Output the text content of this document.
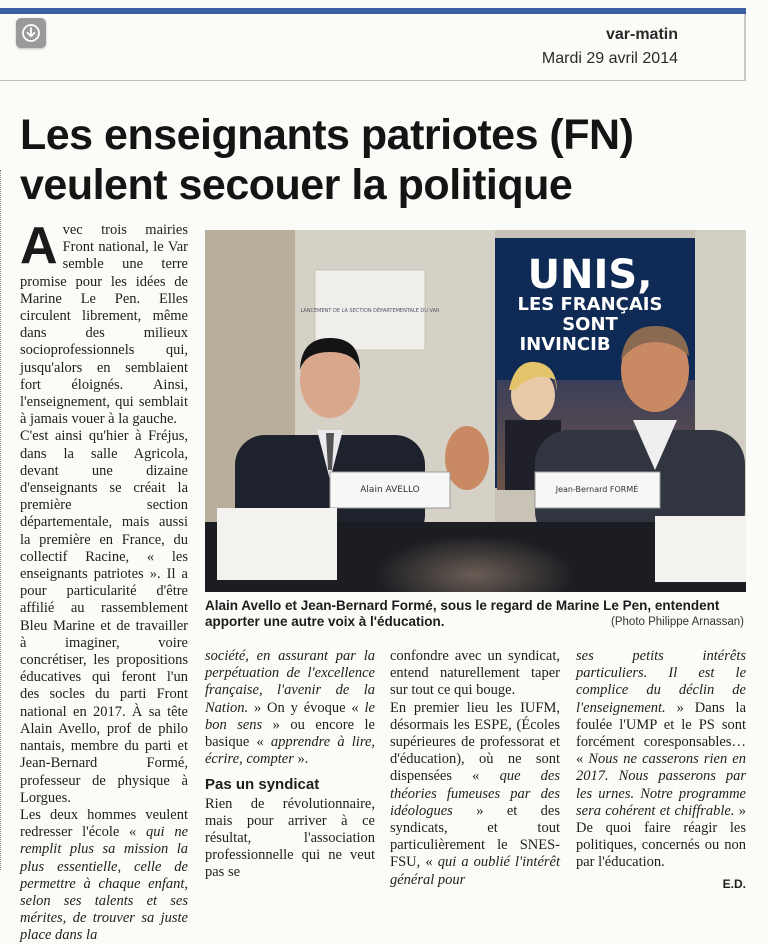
var-matin
Mardi 29 avril 2014
Les enseignants patriotes (FN) veulent secouer la politique

Avec trois mairies Front national, le Var semble une terre promise pour les idées de Marine Le Pen. Elles circulent librement, même dans des milieux socioprofessionnels qui, jusqu'alors en semblaient fort éloignés. Ainsi, l'enseignement, qui semblait à jamais vouer à la gauche.

C'est ainsi qu'hier à Fréjus, dans la salle Agricola, devant une dizaine d'enseignants se créait la première section départementale, mais aussi la première en France, du collectif Racine, « les enseignants patriotes ». Il a pour particularité d'être affilié au rassemblement Bleu Marine et de travailler à imaginer, voire concrétiser, les propositions éducatives qui feront l'un des socles du parti Front national en 2017. À sa tête Alain Avello, prof de philo nantais, membre du parti et Jean-Bernard Formé, professeur de physique à Lorgues.

Les deux hommes veulent redresser l'école « qui ne remplit plus sa mission la plus essentielle, celle de permettre à chaque enfant, selon ses talents et ses mérites, de trouver sa juste place dans la

LANCEMENT DE LA SECTION DÉPARTEMENTALE DU VAR
UNIS,
LES FRANÇAIS
SONT
INVINCIB
Alain AVELLO	Jean-Bernard FORMÉ

Alain Avello et Jean-Bernard Formé, sous le regard de Marine Le Pen, entendent apporter une autre voix à l'éducation.	(Photo Philippe Arnassan)

société, en assurant par la perpétuation de l'excellence française, l'avenir de la Nation. » On y évoque « le bon sens » ou encore le basique « apprendre à lire, écrire, compter ».

Pas un syndicat

Rien de révolutionnaire, mais pour arriver à ce résultat, l'association professionnelle qui ne veut pas se

confondre avec un syndicat, entend naturellement taper sur tout ce qui bouge.

En premier lieu les IUFM, désormais les ESPE, (Écoles supérieures de professorat et d'éducation), où ne sont dispensées « que des théories fumeuses par des idéologues » et des syndicats, et tout particulièrement le SNES-FSU, « qui a oublié l'intérêt général pour

ses petits intérêts particuliers. Il est le complice du déclin de l'enseignement. » Dans la foulée l'UMP et le PS sont forcément coresponsables… « Nous ne casserons rien en 2017. Nous passerons par les urnes. Notre programme sera cohérent et chiffrable. » De quoi faire réagir les politiques, concernés ou non par l'éducation.

E.D.
